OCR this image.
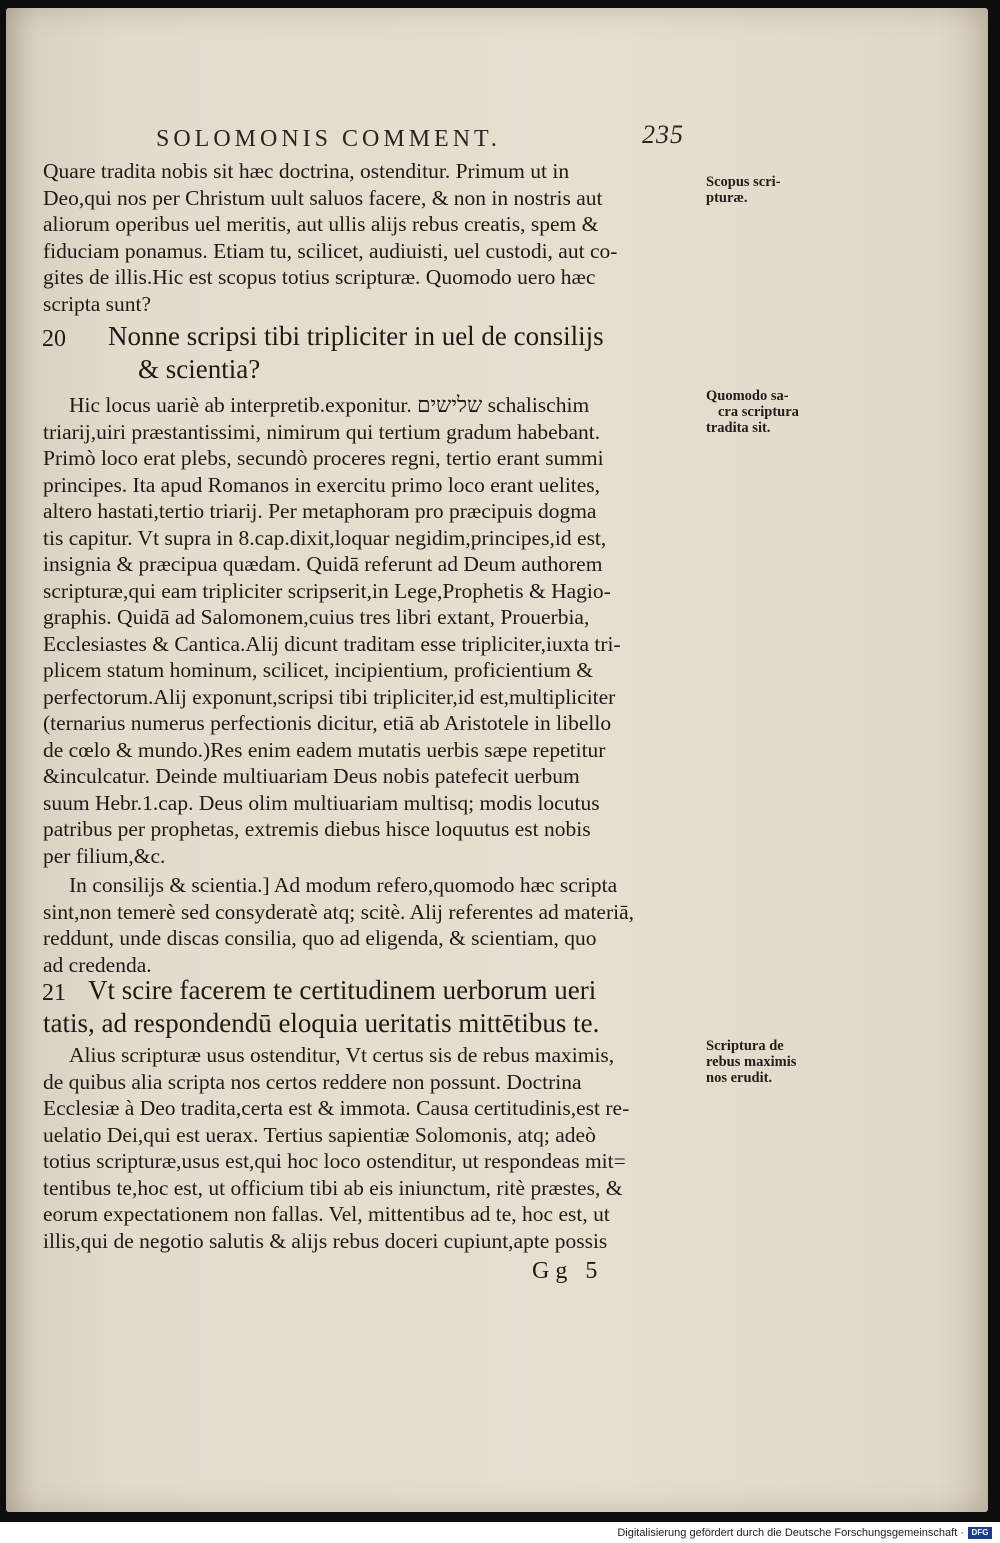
SOLOMONIS COMMENT.	235
Quare tradita nobis sit hæc doctrina, ostenditur. Primum ut in
Deo,qui nos per Christum uult saluos facere, & non in nostris aut
aliorum operibus uel meritis, aut ullis alijs rebus creatis, spem &
fiduciam ponamus. Etiam tu, scilicet, audiuisti, uel custodi, aut co-
gites de illis.Hic est scopus totius scripturæ. Quomodo uero hæc
scripta sunt?
20 Nonne scripsi tibi tripliciter in uel de consilijs
& scientia?
Hic locus uariè ab interpretib.exponitur. שלישים schalischim
triarij,uiri præstantissimi, nimirum qui tertium gradum habebant.
Primò loco erat plebs, secundò proceres regni, tertio erant summi
principes. Ita apud Romanos in exercitu primo loco erant uelites,
altero hastati,tertio triarij. Per metaphoram pro præcipuis dogma
tis capitur. Vt supra in 8.cap.dixit,loquar negidim,principes,id est,
insignia & præcipua quædam. Quidā referunt ad Deum authorem
scripturæ,qui eam tripliciter scripserit,in Lege,Prophetis & Hagio-
graphis. Quidā ad Salomonem,cuius tres libri extant, Prouerbia,
Ecclesiastes & Cantica.Alij dicunt traditam esse tripliciter,iuxta tri-
plicem statum hominum, scilicet, incipientium, proficientium &
perfectorum.Alij exponunt,scripsi tibi tripliciter,id est,multipliciter
(ternarius numerus perfectionis dicitur, etiā ab Aristotele in libello
de cœlo & mundo.)Res enim eadem mutatis uerbis sæpe repetitur
&inculcatur. Deinde multiuariam Deus nobis patefecit uerbum
suum Hebr.1.cap. Deus olim multiuariam multisq; modis locutus
patribus per prophetas, extremis diebus hisce loquutus est nobis
per filium,&c.
In consilijs & scientia.] Ad modum refero,quomodo hæc scripta
sint,non temerè sed consyderatè atq; scitè. Alij referentes ad materiā,
reddunt, unde discas consilia, quo ad eligenda, & scientiam, quo
ad credenda.
21 Vt scire facerem te certitudinem uerborum ueri
tatis, ad respondendū eloquia ueritatis mittētibus te.
Alius scripturæ usus ostenditur, Vt certus sis de rebus maximis,
de quibus alia scripta nos certos reddere non possunt. Doctrina
Ecclesiæ à Deo tradita,certa est & immota. Causa certitudinis,est re-
uelatio Dei,qui est uerax. Tertius sapientiæ Solomonis, atq; adeò
totius scripturæ,usus est,qui hoc loco ostenditur, ut respondeas mit=
tentibus te,hoc est, ut officium tibi ab eis iniunctum, ritè præstes, &
eorum expectationem non fallas. Vel, mittentibus ad te, hoc est, ut
illis,qui de negotio salutis & alijs rebus doceri cupiunt,apte possis
Gg 5
Scopus scri-
pturæ.
Quomodo sa-
cra scriptura
tradita sit.
Scriptura de
rebus maximis
nos erudit.
Digitalisierung gefördert durch die Deutsche Forschungsgemeinschaft · DFG
